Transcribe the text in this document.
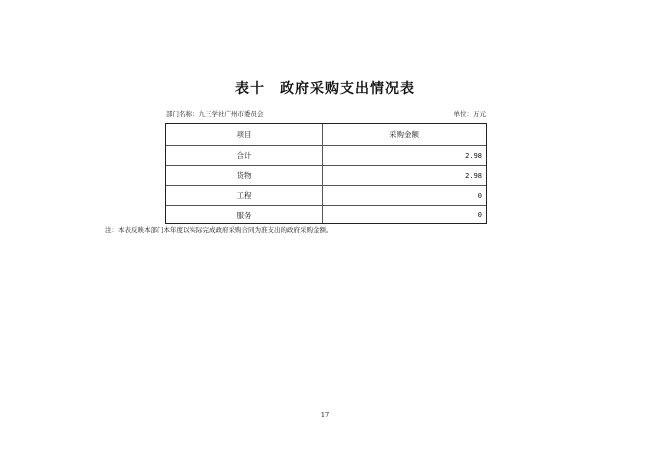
表十　政府采购支出情况表
部门名称：九三学社广州市委员会	单位：万元
项目	采购金额
合计	2.98
货物	2.98
工程	0
服务	0
注：本表反映本部门本年度以实际完成政府采购合同为准支出的政府采购金额。
17
